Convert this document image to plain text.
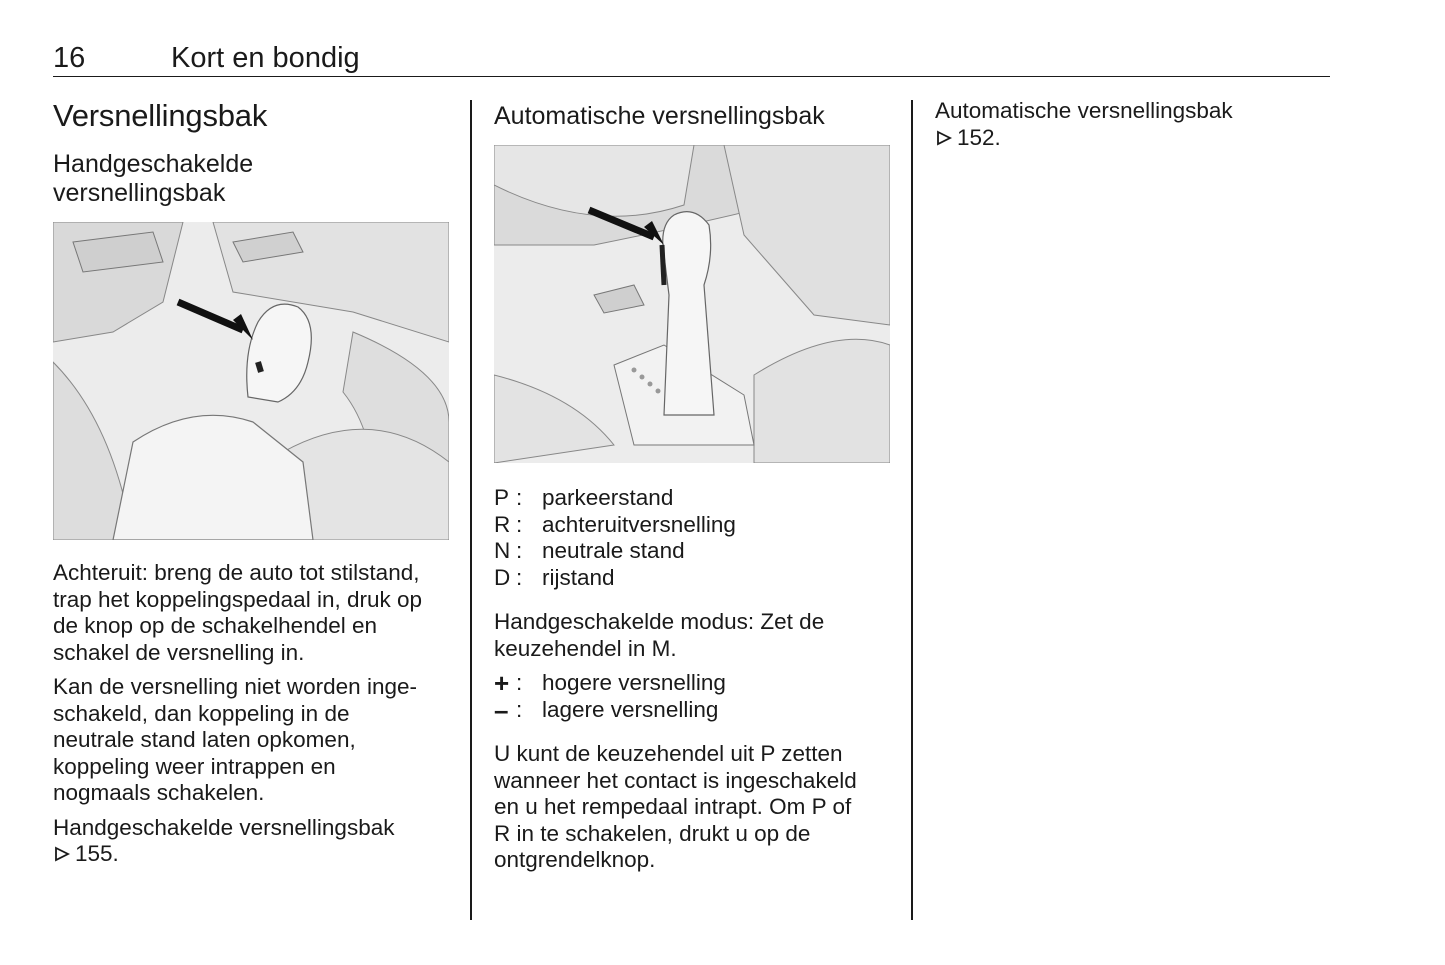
16	Kort en bondig
Versnellingsbak
Handgeschakelde
versnellingsbak

Achteruit: breng de auto tot stilstand,
trap het koppelingspedaal in, druk op
de knop op de schakelhendel en
schakel de versnelling in.

Kan de versnelling niet worden inge-
schakeld, dan koppeling in de
neutrale stand laten opkomen,
koppeling weer intrappen en
nogmaals schakelen.

Handgeschakelde versnellingsbak
155.

Automatische versnellingsbak
P : parkeerstand
R : achteruitversnelling
N : neutrale stand
D : rijstand

Handgeschakelde modus: Zet de
keuzehendel in M.

+ : hogere versnelling
– : lagere versnelling

U kunt de keuzehendel uit P zetten
wanneer het contact is ingeschakeld
en u het rempedaal intrapt. Om P of
R in te schakelen, drukt u op de
ontgrendelknop.

Automatische versnellingsbak
152.
